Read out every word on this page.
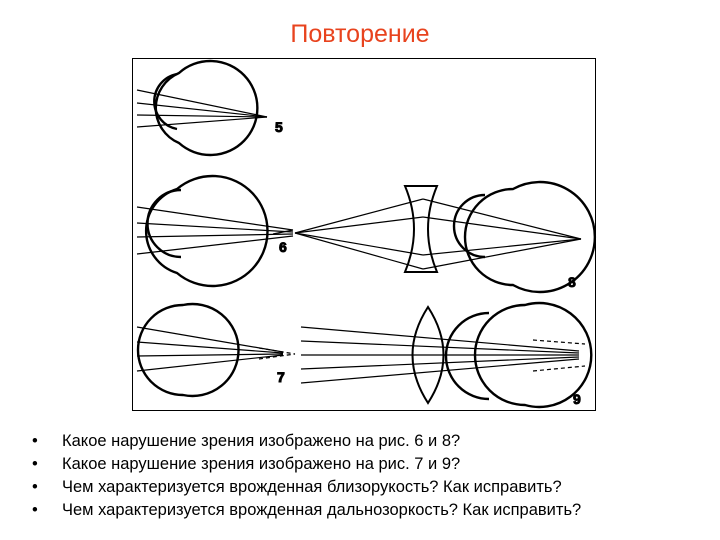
Повторение
5
6
8
7
9
• Какое нарушение зрения изображено на рис. 6 и 8?
• Какое нарушение зрения изображено на рис. 7 и 9?
• Чем характеризуется врожденная близорукость? Как исправить?
• Чем характеризуется врожденная дальнозоркость? Как исправить?
